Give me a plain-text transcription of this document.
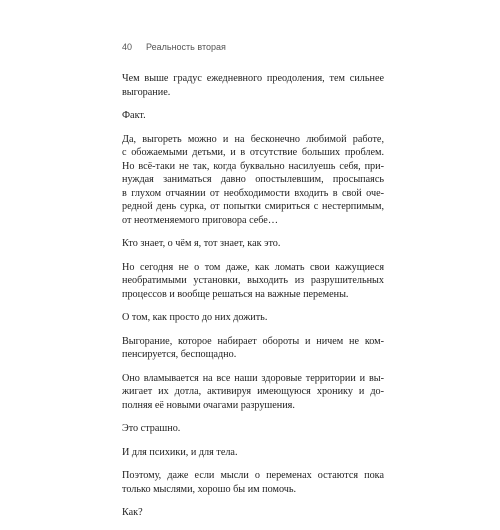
40 Реальность вторая

Чем выше градус ежедневного преодоления, тем сильнее
выгорание.

Факт.

Да, выгореть можно и на бесконечно любимой работе,
с обожаемыми детьми, и в отсутствие больших проблем.
Но всё-таки не так, когда буквально насилуешь себя, при-
нуждая заниматься давно опостылевшим, просыпаясь
в глухом отчаянии от необходимости входить в свой оче-
редной день сурка, от попытки смириться с нестерпимым,
от неотменяемого приговора себе…

Кто знает, о чём я, тот знает, как это.

Но сегодня не о том даже, как ломать свои кажущиеся
необратимыми установки, выходить из разрушительных
процессов и вообще решаться на важные перемены.

О том, как просто до них дожить.

Выгорание, которое набирает обороты и ничем не ком-
пенсируется, беспощадно.

Оно вламывается на все наши здоровые территории и вы-
жигает их дотла, активируя имеющуюся хронику и до-
полняя её новыми очагами разрушения.

Это страшно.

И для психики, и для тела.

Поэтому, даже если мысли о переменах остаются пока
только мыслями, хорошо бы им помочь.

Как?
